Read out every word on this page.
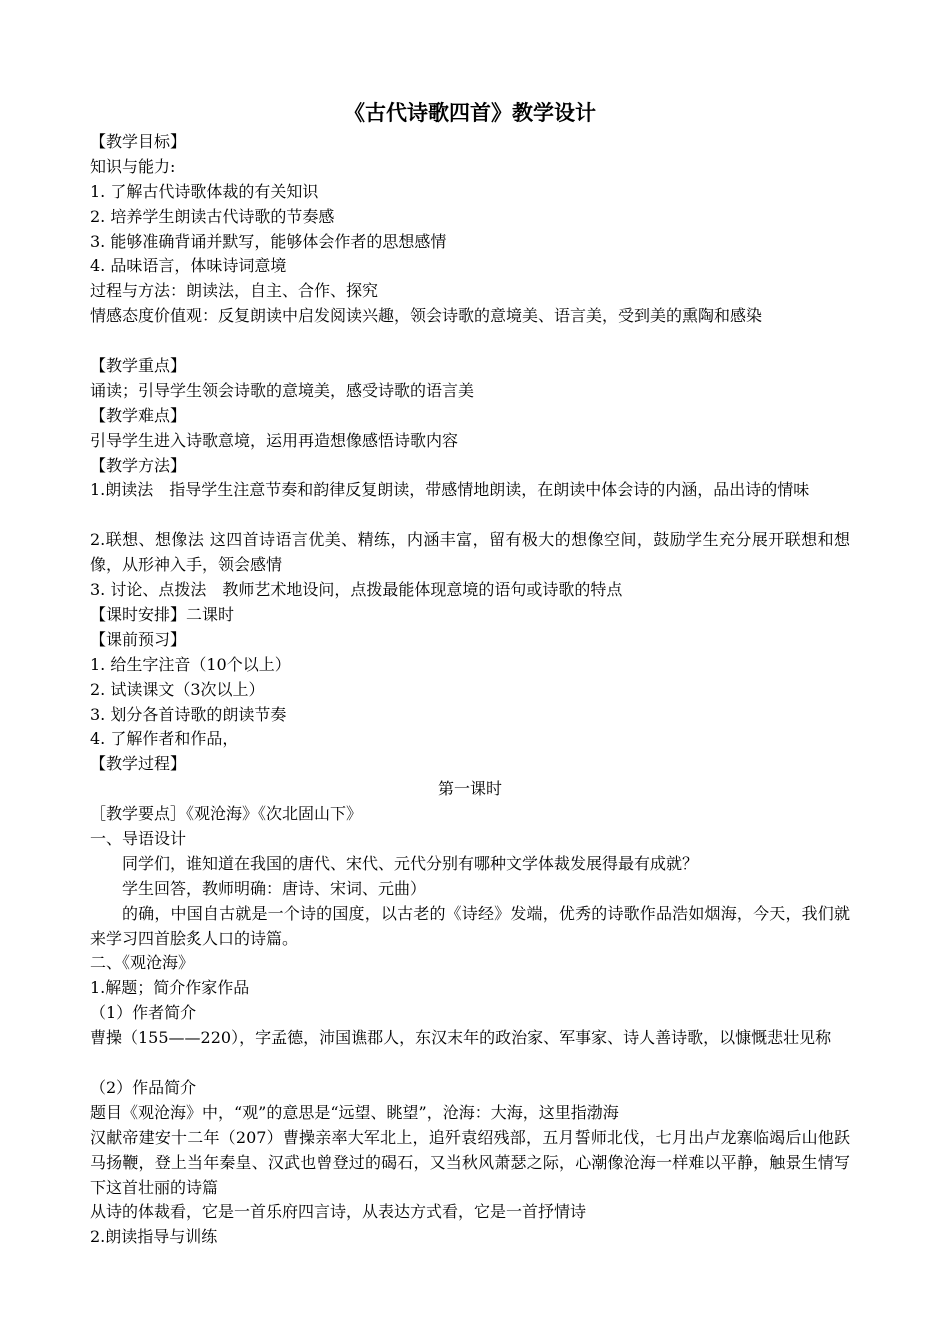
《古代诗歌四首》教学设计
【教学目标】
知识与能力:
1. 了解古代诗歌体裁的有关知识
2. 培养学生朗读古代诗歌的节奏感
3. 能够准确背诵并默写，能够体会作者的思想感情
4. 品味语言，体味诗词意境
过程与方法：朗读法，自主、合作、探究
情感态度价值观：反复朗读中启发阅读兴趣，领会诗歌的意境美、语言美，受到美的熏陶和感染
【教学重点】
诵读；引导学生领会诗歌的意境美，感受诗歌的语言美
【教学难点】
引导学生进入诗歌意境，运用再造想像感悟诗歌内容
【教学方法】
1.朗读法　指导学生注意节奏和韵律反复朗读，带感情地朗读，在朗读中体会诗的内涵，品出诗的情味
2.联想、想像法 这四首诗语言优美、精练，内涵丰富，留有极大的想像空间，鼓励学生充分展开联想和想像，从形神入手，领会感情
3. 讨论、点拨法　教师艺术地设问，点拨最能体现意境的语句或诗歌的特点
【课时安排】二课时
【课前预习】
1. 给生字注音（10个以上）
2. 试读课文（3次以上）
3. 划分各首诗歌的朗读节奏
4. 了解作者和作品，
【教学过程】
第一课时
［教学要点］《观沧海》《次北固山下》
一、导语设计
同学们，谁知道在我国的唐代、宋代、元代分别有哪种文学体裁发展得最有成就？
学生回答，教师明确：唐诗、宋词、元曲）
的确，中国自古就是一个诗的国度，以古老的《诗经》发端，优秀的诗歌作品浩如烟海，今天，我们就来学习四首脍炙人口的诗篇。
二、《观沧海》
1.解题；简介作家作品
（1）作者简介
曹操（155——220），字孟德，沛国谯郡人，东汉末年的政治家、军事家、诗人善诗歌，以慷慨悲壮见称
（2）作品简介
题目《观沧海》中，“观”的意思是“远望、眺望”，沧海：大海，这里指渤海
汉献帝建安十二年（207）曹操亲率大军北上，追歼袁绍残部，五月誓师北伐，七月出卢龙寨临竭后山他跃马扬鞭，登上当年秦皇、汉武也曾登过的碣石，又当秋风萧瑟之际，心潮像沧海一样难以平静，触景生情写下这首壮丽的诗篇
从诗的体裁看，它是一首乐府四言诗，从表达方式看，它是一首抒情诗
2.朗读指导与训练
